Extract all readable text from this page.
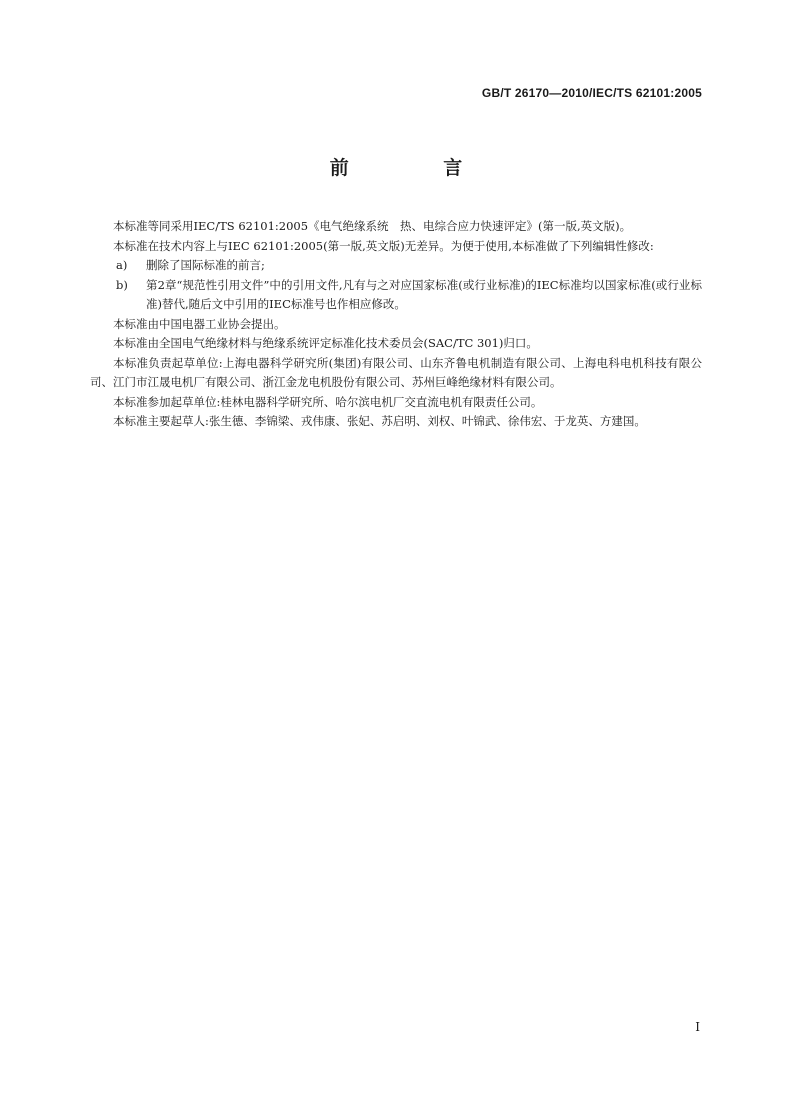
GB/T 26170—2010/IEC/TS 62101:2005
前 言

本标准等同采用IEC/TS 62101:2005《电气绝缘系统　热、电综合应力快速评定》(第一版,英文版)。

本标准在技术内容上与IEC 62101:2005(第一版,英文版)无差异。为便于使用,本标准做了下列编辑性修改:

a) 删除了国际标准的前言;

b) 第2章“规范性引用文件”中的引用文件,凡有与之对应国家标准(或行业标准)的IEC标准均以国家标准(或行业标准)替代,随后文中引用的IEC标准号也作相应修改。

本标准由中国电器工业协会提出。

本标准由全国电气绝缘材料与绝缘系统评定标准化技术委员会(SAC/TC 301)归口。

本标准负责起草单位:上海电器科学研究所(集团)有限公司、山东齐鲁电机制造有限公司、上海电科电机科技有限公司、江门市江晟电机厂有限公司、浙江金龙电机股份有限公司、苏州巨峰绝缘材料有限公司。

本标准参加起草单位:桂林电器科学研究所、哈尔滨电机厂交直流电机有限责任公司。

本标准主要起草人:张生德、李锦梁、戎伟康、张妃、苏启明、刘权、叶锦武、徐伟宏、于龙英、方建国。

I
